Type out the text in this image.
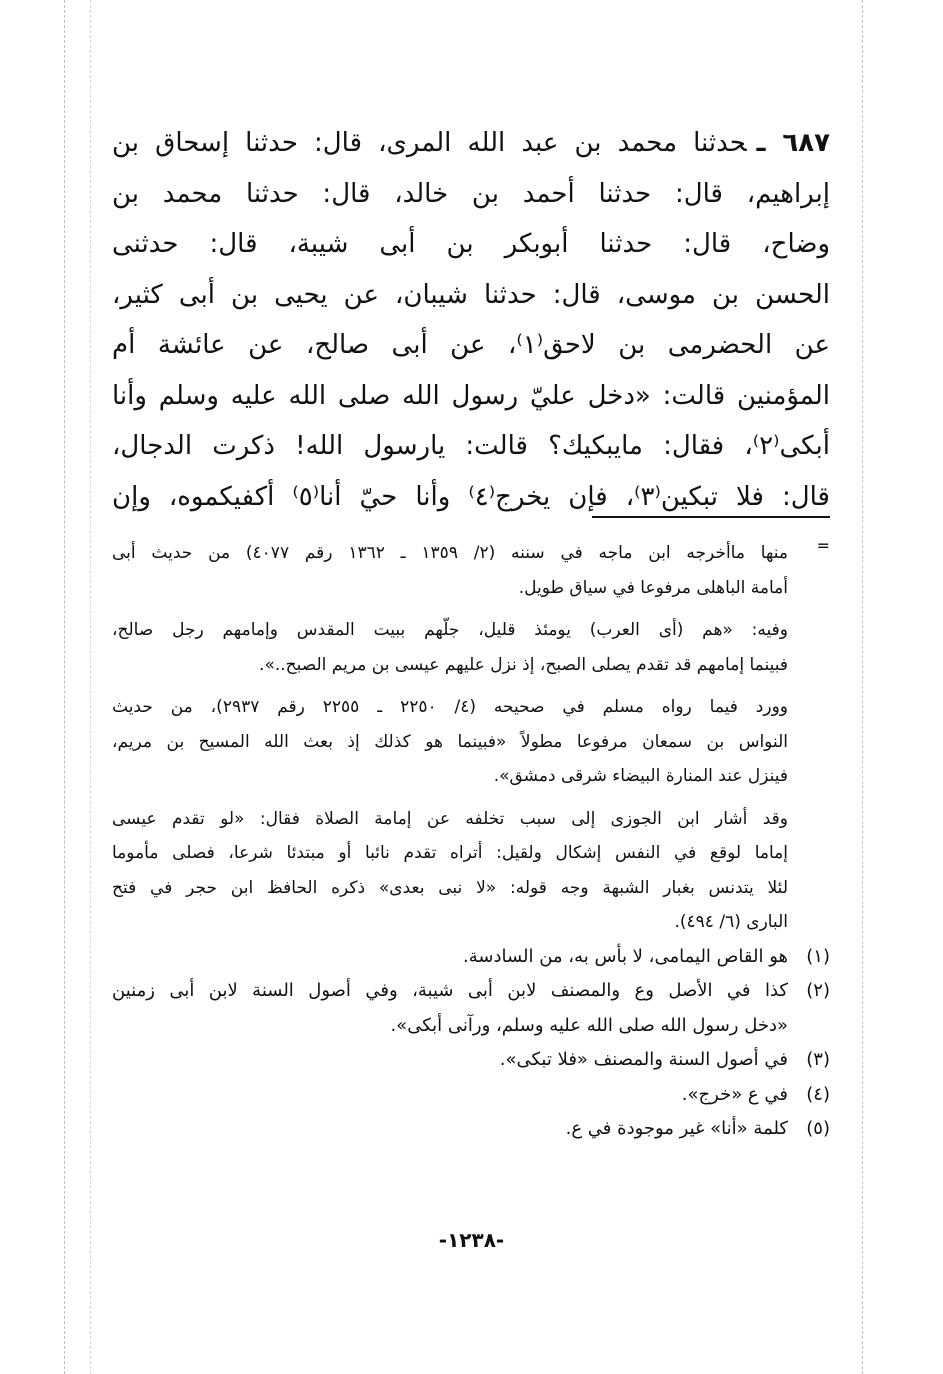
٦٨٧ ـحدثنا محمد بن عبد الله المرى، قال: حدثنا إسحاق بن
إبراهيم، قال: حدثنا أحمد بن خالد، قال: حدثنا محمد بن
وضاح، قال: حدثنا أبوبكر بن أبى شيبة، قال: حدثنى
الحسن بن موسى، قال: حدثنا شيبان، عن يحيى بن أبى كثير،
عن الحضرمى بن لاحق⁽١⁾، عن أبى صالح، عن عائشة أم
المؤمنين قالت: «دخل عليّ رسول الله صلى الله عليه وسلم وأنا
أبكى⁽٢⁾، فقال: مايبكيك؟ قالت: يارسول الله! ذكرت الدجال،
قال: فلا تبكين⁽٣⁾، فإن يخرج⁽٤⁾ وأنا حيّ أنا⁽٥⁾ أكفيكموه، وإن
=
منها ماأخرجه ابن ماجه في سننه (٢/ ١٣٥٩ ـ ١٣٦٢ رقم ٤٠٧٧) من حديث أبى
أمامة الباهلى مرفوعا في سياق طويل.
وفيه: «هم (أى العرب) يومئذ قليل، جلّهم ببيت المقدس وإمامهم رجل صالح،
فبينما إمامهم قد تقدم يصلى الصبح، إذ نزل عليهم عيسى بن مريم الصبح..».
وورد فيما رواه مسلم في صحيحه (٤/ ٢٢٥٠ ـ ٢٢٥٥ رقم ٢٩٣٧)، من حديث
النواس بن سمعان مرفوعا مطولاً «فبينما هو كذلك إذ بعث الله المسيح بن مريم،
فينزل عند المنارة البيضاء شرقى دمشق».
وقد أشار ابن الجوزى إلى سبب تخلفه عن إمامة الصلاة فقال: «لو تقدم عيسى
إماما لوقع في النفس إشكال ولقيل: أتراه تقدم نائبا أو مبتدئا شرعا، فصلى مأموما
لئلا يتدنس بغبار الشبهة وجه قوله: «لا نبى بعدى» ذكره الحافظ ابن حجر في فتح
البارى (٦/ ٤٩٤).
(١)
هو القاص اليمامى، لا بأس به، من السادسة.
(٢)
كذا في الأصل وع والمصنف لابن أبى شيبة، وفي أصول السنة لابن أبى زمنين
«دخل رسول الله صلى الله عليه وسلم، ورآنى أبكى».
(٣)
في أصول السنة والمصنف «فلا تبكى».
(٤)
في ع «خرج».
(٥)
كلمة «أنا» غير موجودة في ع.
-١٢٣٨-
